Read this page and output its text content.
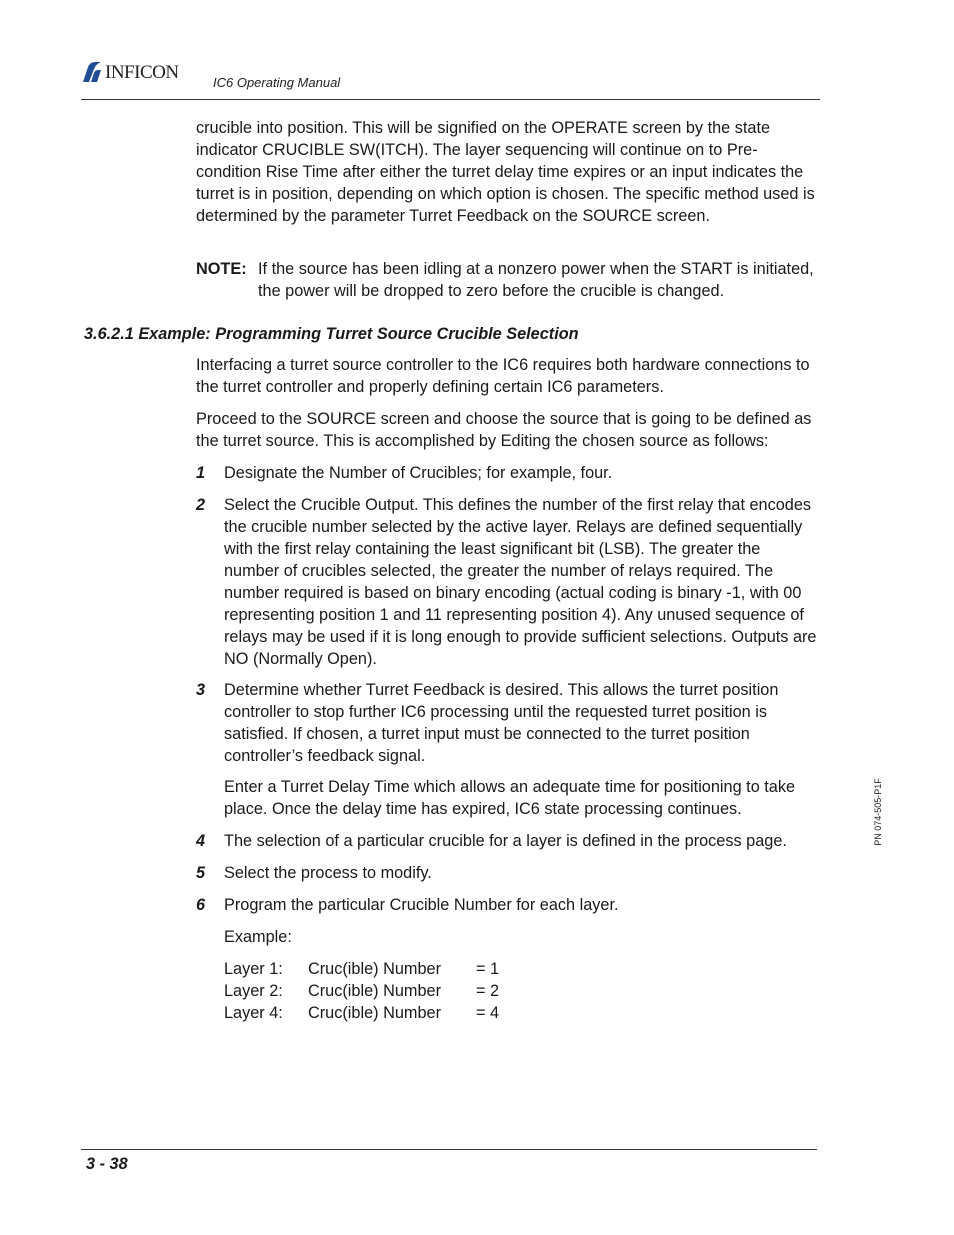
INFICON	IC6 Operating Manual

crucible into position. This will be signified on the OPERATE screen by the state indicator CRUCIBLE SW(ITCH). The layer sequencing will continue on to Pre-condition Rise Time after either the turret delay time expires or an input indicates the turret is in position, depending on which option is chosen. The specific method used is determined by the parameter Turret Feedback on the SOURCE screen.

NOTE: If the source has been idling at a nonzero power when the START is initiated, the power will be dropped to zero before the crucible is changed.

3.6.2.1 Example: Programming Turret Source Crucible Selection

Interfacing a turret source controller to the IC6 requires both hardware connections to the turret controller and properly defining certain IC6 parameters.

Proceed to the SOURCE screen and choose the source that is going to be defined as the turret source. This is accomplished by Editing the chosen source as follows:

1 Designate the Number of Crucibles; for example, four.

2 Select the Crucible Output. This defines the number of the first relay that encodes the crucible number selected by the active layer. Relays are defined sequentially with the first relay containing the least significant bit (LSB). The greater the number of crucibles selected, the greater the number of relays required. The number required is based on binary encoding (actual coding is binary -1, with 00 representing position 1 and 11 representing position 4). Any unused sequence of relays may be used if it is long enough to provide sufficient selections. Outputs are NO (Normally Open).

3 Determine whether Turret Feedback is desired. This allows the turret position controller to stop further IC6 processing until the requested turret position is satisfied. If chosen, a turret input must be connected to the turret position controller’s feedback signal.

Enter a Turret Delay Time which allows an adequate time for positioning to take place. Once the delay time has expired, IC6 state processing continues.

4 The selection of a particular crucible for a layer is defined in the process page.

5 Select the process to modify.

6 Program the particular Crucible Number for each layer.

Example:

Layer 1: Cruc(ible) Number = 1
Layer 2: Cruc(ible) Number = 2
Layer 4: Cruc(ible) Number = 4
PN 074-505-P1F
3 - 38
